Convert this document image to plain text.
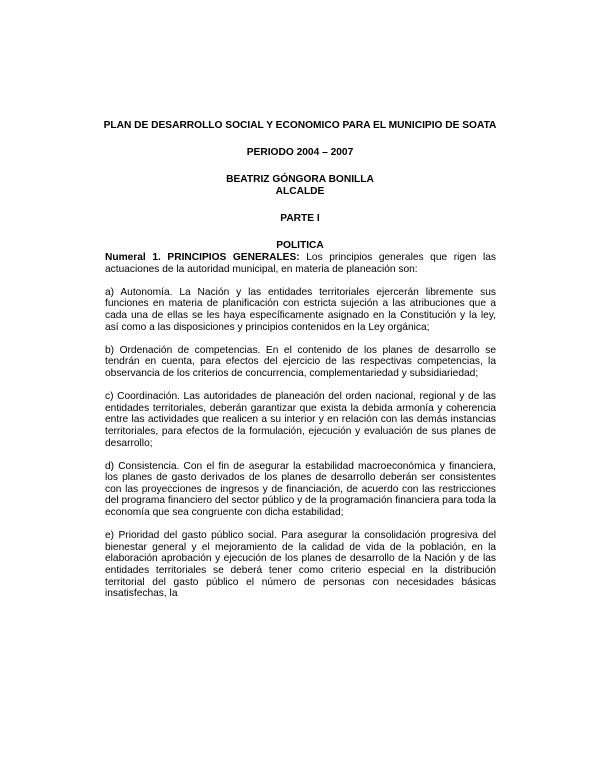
PLAN DE DESARROLLO SOCIAL Y ECONOMICO PARA EL MUNICIPIO DE SOATA
PERIODO 2004 – 2007
BEATRIZ GÓNGORA BONILLA
ALCALDE
PARTE I
POLITICA

Numeral 1. PRINCIPIOS GENERALES: Los principios generales que rigen las actuaciones de la autoridad municipal, en materia de planeación son:

a) Autonomía. La Nación y las entidades territoriales ejercerán libremente sus funciones en materia de planificación con estricta sujeción a las atribuciones que a cada una de ellas se les haya específicamente asignado en la Constitución y la ley, así como a las disposiciones y principios contenidos en la Ley orgánica;

b) Ordenación de competencias. En el contenido de los planes de desarrollo se tendrán en cuenta, para efectos del ejercicio de las respectivas competencias, la observancia de los criterios de concurrencia, complementariedad y subsidiariedad;

c) Coordinación. Las autoridades de planeación del orden nacional, regional y de las entidades territoriales, deberán garantizar que exista la debida armonía y coherencia entre las actividades que realicen a su interior y en relación con las demás instancias territoriales, para efectos de la formulación, ejecución y evaluación de sus planes de desarrollo;

d) Consistencia. Con el fin de asegurar la estabilidad macroeconómica y financiera, los planes de gasto derivados de los planes de desarrollo deberán ser consistentes con las proyecciones de ingresos y de financiación, de acuerdo con las restricciones del programa financiero del sector público y de la programación financiera para toda la economía que sea congruente con dicha estabilidad;

e) Prioridad del gasto público social. Para asegurar la consolidación progresiva del bienestar general y el mejoramiento de la calidad de vida de la población, en la elaboración aprobación y ejecución de los planes de desarrollo de la Nación y de las entidades territoriales se deberá tener como criterio especial en la distribución territorial del gasto público el número de personas con necesidades básicas insatisfechas, la
